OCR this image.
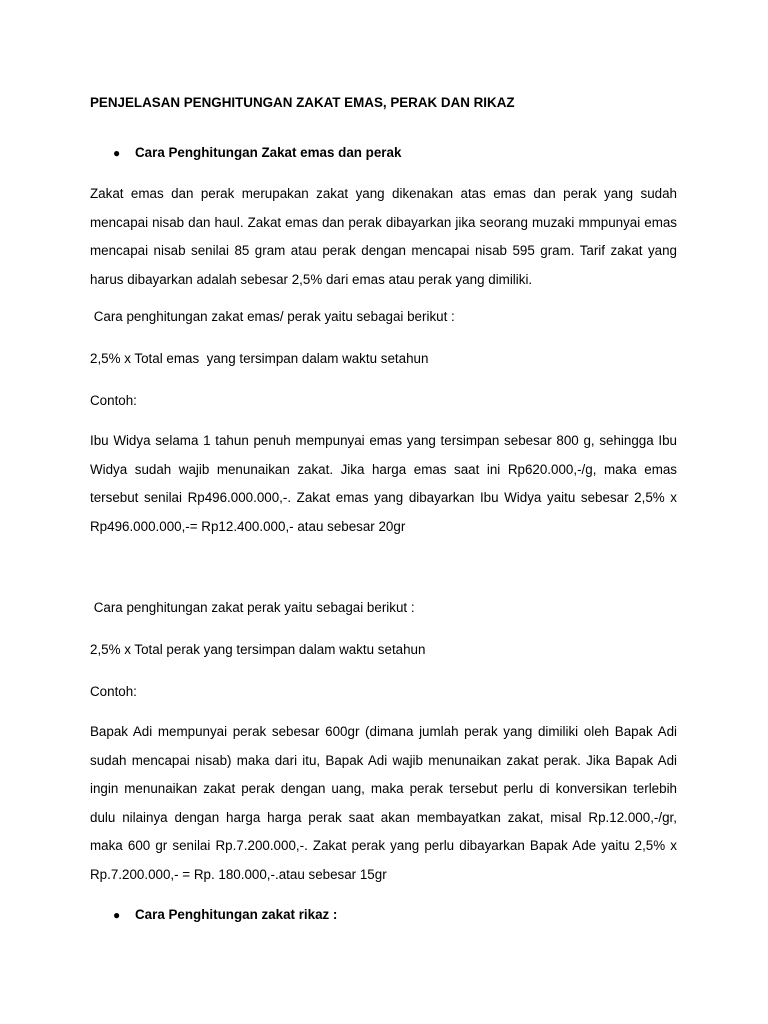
PENJELASAN PENGHITUNGAN ZAKAT EMAS, PERAK DAN RIKAZ

●	Cara Penghitungan Zakat emas dan perak

Zakat emas dan perak merupakan zakat yang dikenakan atas emas dan perak yang sudah mencapai nisab dan haul. Zakat emas dan perak dibayarkan jika seorang muzaki mmpunyai emas mencapai nisab senilai 85 gram atau perak dengan mencapai nisab 595 gram. Tarif zakat yang harus dibayarkan adalah sebesar 2,5% dari emas atau perak yang dimiliki.

Cara penghitungan zakat emas/ perak yaitu sebagai berikut :

2,5% x Total emas  yang tersimpan dalam waktu setahun

Contoh:

Ibu Widya selama 1 tahun penuh mempunyai emas yang tersimpan sebesar 800 g, sehingga Ibu Widya sudah wajib menunaikan zakat. Jika harga emas saat ini Rp620.000,-/g, maka emas tersebut senilai Rp496.000.000,-. Zakat emas yang dibayarkan Ibu Widya yaitu sebesar 2,5% x Rp496.000.000,-= Rp12.400.000,- atau sebesar 20gr

Cara penghitungan zakat perak yaitu sebagai berikut :

2,5% x Total perak yang tersimpan dalam waktu setahun

Contoh:

Bapak Adi mempunyai perak sebesar 600gr (dimana jumlah perak yang dimiliki oleh Bapak Adi sudah mencapai nisab) maka dari itu, Bapak Adi wajib menunaikan zakat perak. Jika Bapak Adi ingin menunaikan zakat perak dengan uang, maka perak tersebut perlu di konversikan terlebih dulu nilainya dengan harga harga perak saat akan membayatkan zakat, misal Rp.12.000,-/gr, maka 600 gr senilai Rp.7.200.000,-. Zakat perak yang perlu dibayarkan Bapak Ade yaitu 2,5% x Rp.7.200.000,- = Rp. 180.000,-.atau sebesar 15gr

●	Cara Penghitungan zakat rikaz :
